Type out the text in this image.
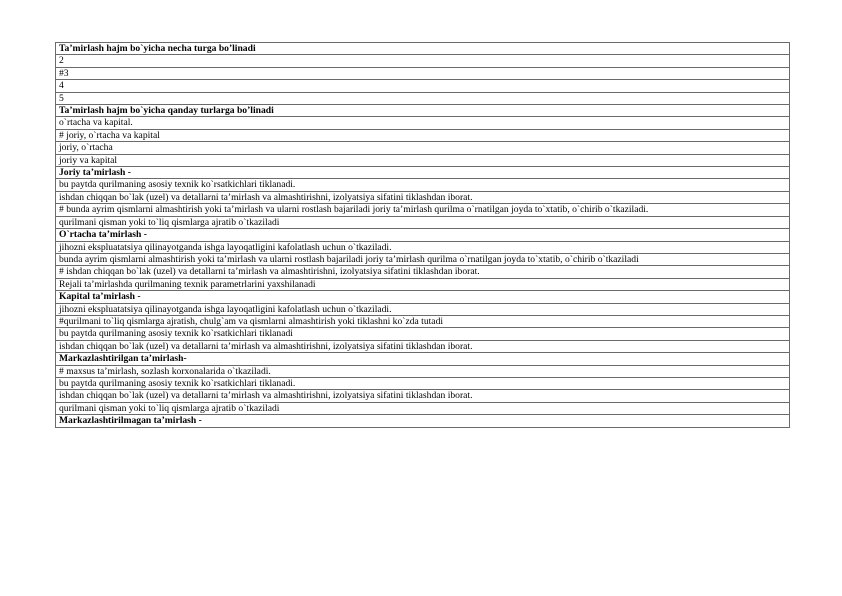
Ta’mirlash hajm bo`yicha necha turga bo’linadi
2
#3
4
5
Ta’mirlash hajm bo`yicha qanday turlarga bo’linadi
o`rtacha va kapital.
# joriy, o`rtacha va kapital
joriy, o`rtacha
joriy va kapital
Joriy ta’mirlash -
bu paytda qurilmaning asosiy texnik ko`rsatkichlari tiklanadi.
ishdan chiqqan bo`lak (uzel) va detallarni ta’mirlash va almashtirishni, izolyatsiya sifatini tiklashdan iborat.
# bunda ayrim qismlarni almashtirish yoki ta’mirlash va ularni rostlash bajariladi joriy ta’mirlash qurilma o`rnatilgan joyda to`xtatib, o`chirib o`tkaziladi.
qurilmani qisman yoki to`liq qismlarga ajratib o`tkaziladi
O`rtacha ta’mirlash -
jihozni ekspluatatsiya qilinayotganda ishga layoqatligini kafolatlash uchun o`tkaziladi.
bunda ayrim qismlarni almashtirish yoki ta’mirlash va ularni rostlash bajariladi joriy ta’mirlash qurilma o`rnatilgan joyda to`xtatib, o`chirib o`tkaziladi
# ishdan chiqqan bo`lak (uzel) va detallarni ta’mirlash va almashtirishni, izolyatsiya sifatini tiklashdan iborat.
Rejali ta’mirlashda qurilmaning texnik parametrlarini yaxshilanadi
Kapital ta’mirlash -
jihozni ekspluatatsiya qilinayotganda ishga layoqatligini kafolatlash uchun o`tkaziladi.
#qurilmani to`liq qismlarga ajratish, chulg`am va qismlarni almashtirish yoki tiklashni ko`zda tutadi
bu paytda qurilmaning asosiy texnik ko`rsatkichlari tiklanadi
ishdan chiqqan bo`lak (uzel) va detallarni ta’mirlash va almashtirishni, izolyatsiya sifatini tiklashdan iborat.
Markazlashtirilgan ta’mirlash-
# maxsus ta’mirlash, sozlash korxonalarida o`tkaziladi.
bu paytda qurilmaning asosiy texnik ko`rsatkichlari tiklanadi.
ishdan chiqqan bo`lak (uzel) va detallarni ta’mirlash va almashtirishni, izolyatsiya sifatini tiklashdan iborat.
qurilmani qisman yoki to`liq qismlarga ajratib o`tkaziladi
Markazlashtirilmagan ta’mirlash -
